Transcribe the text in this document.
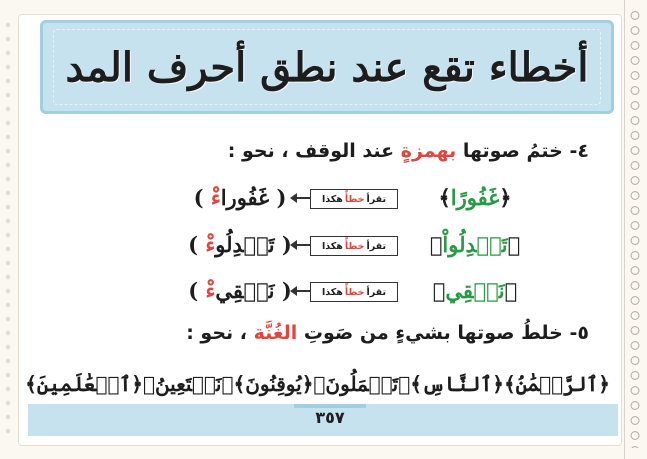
أخطاء تقع عند نطق أحرف المد
٤- ختمُ صوتها بهمزةٍ عند الوقف ، نحو :
﴿غَفُورًا﴾
تقرأ
خطأً
هكذا
( غَفُوراءْ )
﴿تَعۡدِلُواْ﴾
تقرأ
خطأً
هكذا
( تَعۡدِلُوءْ )
﴿نَسۡقِي﴾
تقرأ
خطأً
هكذا
( نَسۡقِيءْ )
٥- خلطُ صوتها بشيءٍ من صَوتِ الغُنَّة ، نحو :
﴿ٱلرَّحۡمَٰنُ﴾
﴿ٱلنَّاسِ﴾
﴿تَعۡمَلُونَ﴾
﴿يُوقِنُونَ﴾
﴿نَسۡتَعِينُ﴾
﴿ٱلۡعَٰلَمِينَ﴾
٣٥٧
